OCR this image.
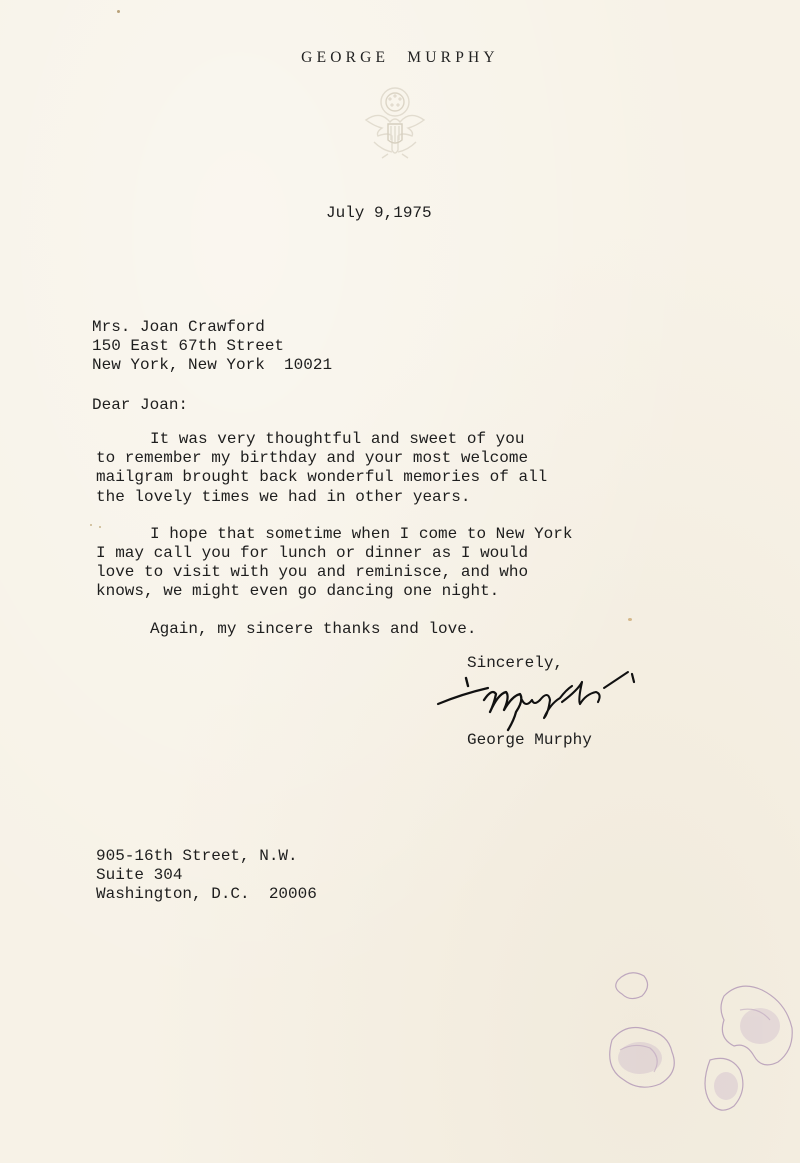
GEORGE MURPHY

July 9,1975

Mrs. Joan Crawford

150 East 67th Street

New York, New York  10021

Dear Joan:

It was very thoughtful and sweet of you

to remember my birthday and your most welcome

mailgram brought back wonderful memories of all

the lovely times we had in other years.

I hope that sometime when I come to New York

I may call you for lunch or dinner as I would

love to visit with you and reminisce, and who

knows, we might even go dancing one night.

Again, my sincere thanks and love.

Sincerely,

George Murphy

905-16th Street, N.W.

Suite 304

Washington, D.C.  20006
